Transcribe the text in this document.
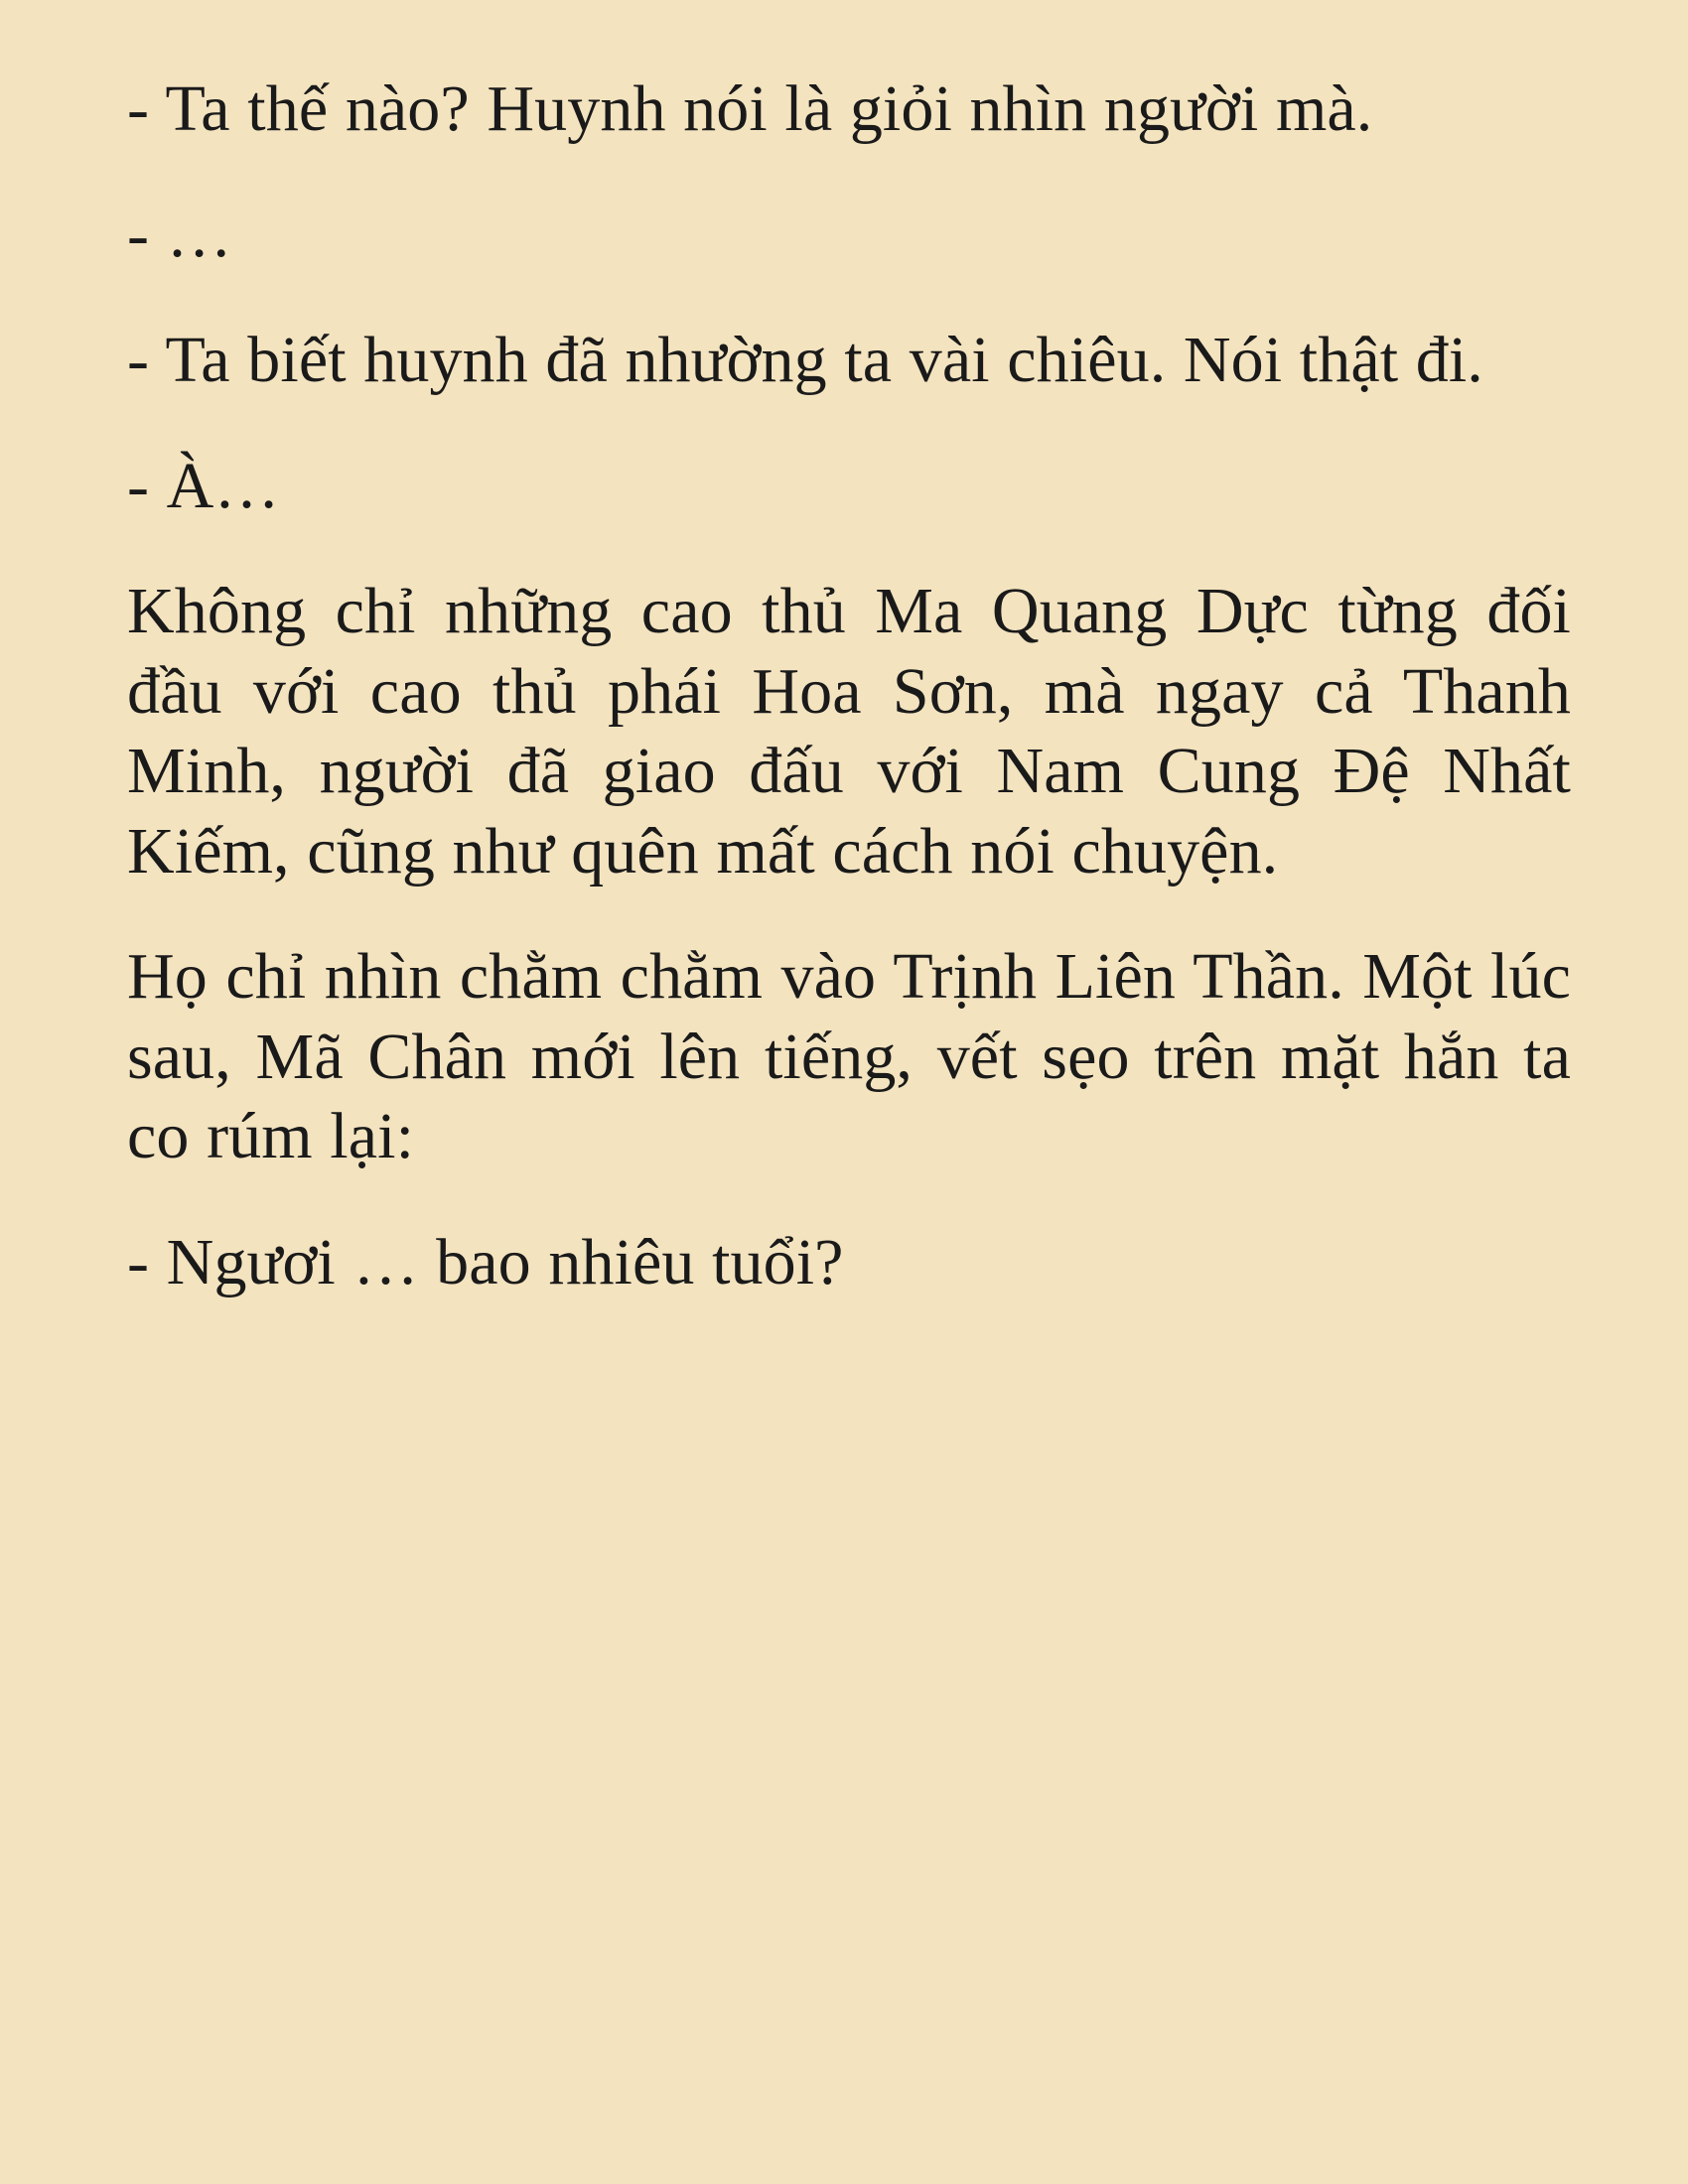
- Ta thế nào? Huynh nói là giỏi nhìn người mà.

- …

- Ta biết huynh đã nhường ta vài chiêu. Nói thật đi.

- À…

Không chỉ những cao thủ Ma Quang Dực từng đối đầu với cao thủ phái Hoa Sơn, mà ngay cả Thanh Minh, người đã giao đấu với Nam Cung Đệ Nhất Kiếm, cũng như quên mất cách nói chuyện.

Họ chỉ nhìn chằm chằm vào Trịnh Liên Thần. Một lúc sau, Mã Chân mới lên tiếng, vết sẹo trên mặt hắn ta co rúm lại:

- Ngươi … bao nhiêu tuổi?
